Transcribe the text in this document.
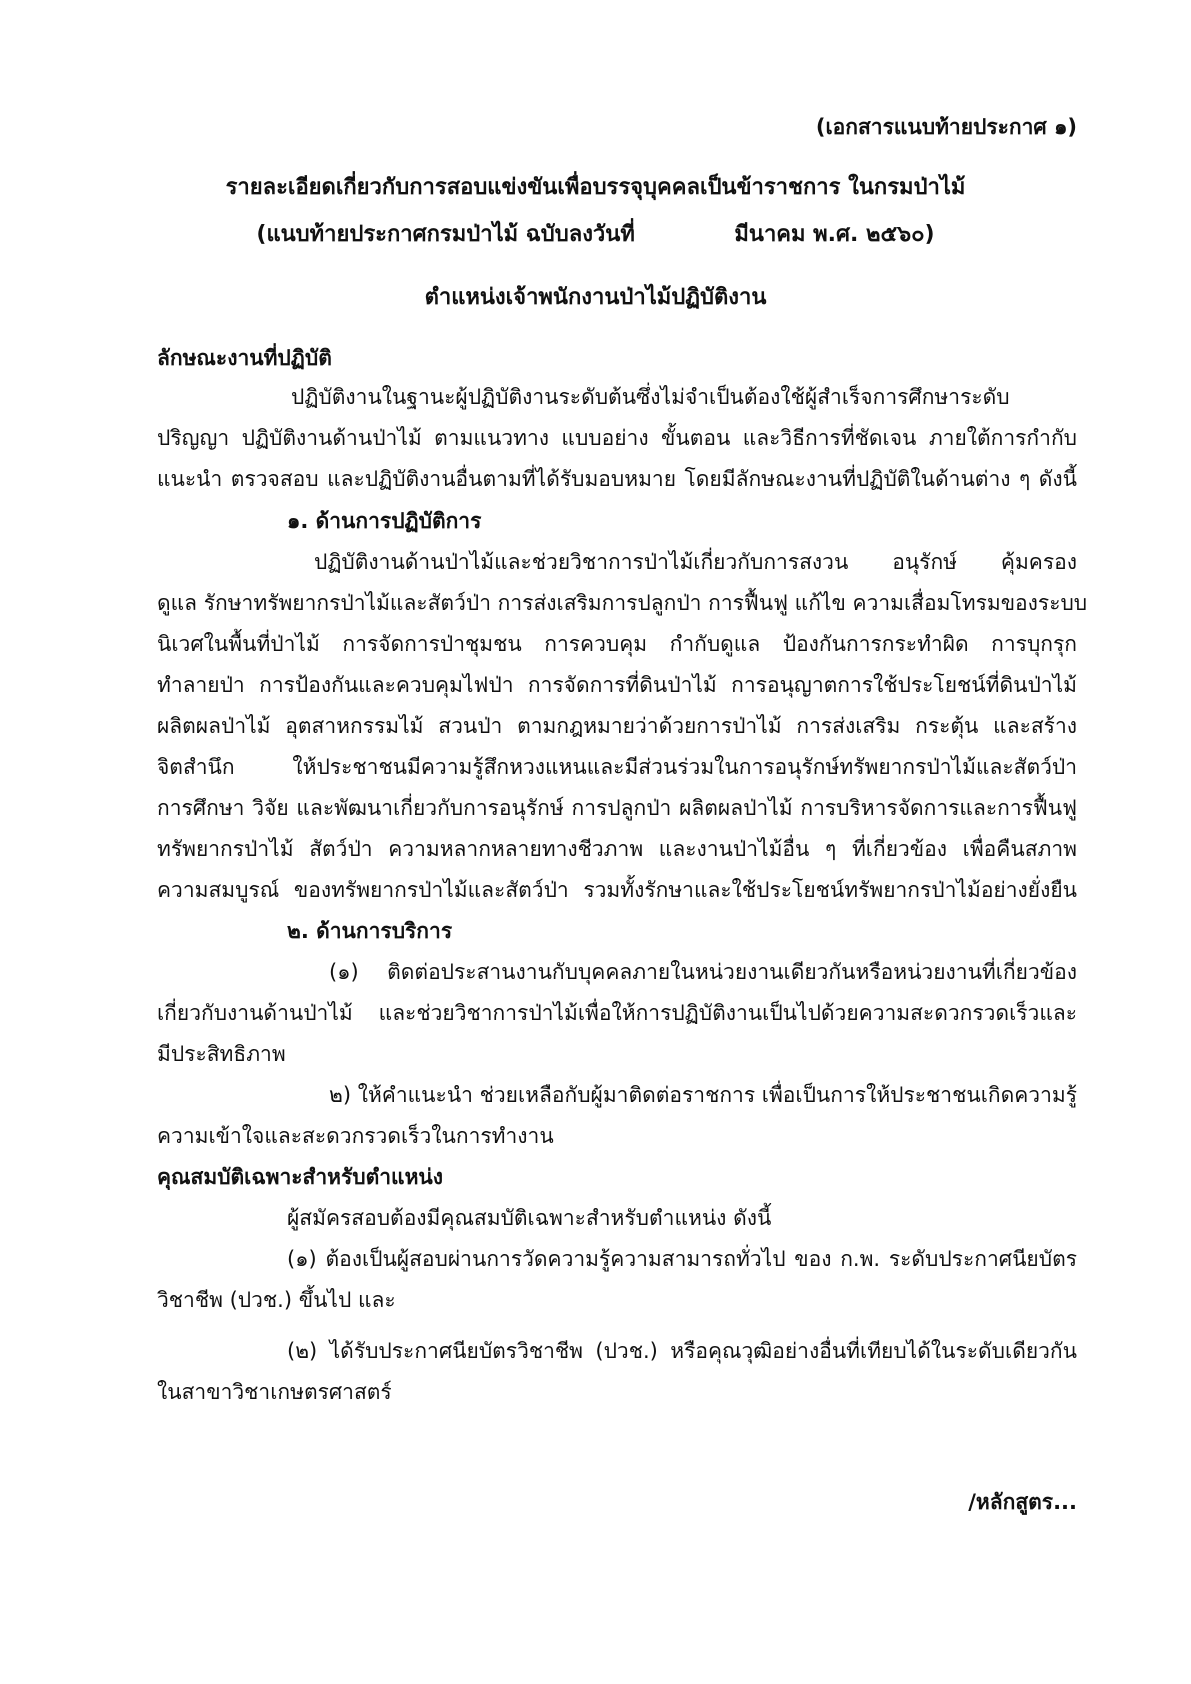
(เอกสารแนบท้ายประกาศ ๑)
รายละเอียดเกี่ยวกับการสอบแข่งขันเพื่อบรรจุบุคคลเป็นข้าราชการ ในกรมป่าไม้
(แนบท้ายประกาศกรมป่าไม้ ฉบับลงวันที่             มีนาคม พ.ศ. ๒๕๖๐)
ตำแหน่งเจ้าพนักงานป่าไม้ปฏิบัติงาน
ลักษณะงานที่ปฏิบัติ
ปฏิบัติงานในฐานะผู้ปฏิบัติงานระดับต้นซึ่งไม่จำเป็นต้องใช้ผู้สำเร็จการศึกษาระดับ
ปริญญา ปฏิบัติงานด้านป่าไม้ ตามแนวทาง แบบอย่าง ขั้นตอน และวิธีการที่ชัดเจน ภายใต้การกำกับ
แนะนำ ตรวจสอบ และปฏิบัติงานอื่นตามที่ได้รับมอบหมาย โดยมีลักษณะงานที่ปฏิบัติในด้านต่าง ๆ ดังนี้
๑. ด้านการปฏิบัติการ
ปฏิบัติงานด้านป่าไม้และช่วยวิชาการป่าไม้เกี่ยวกับการสงวน อนุรักษ์ คุ้มครอง
ดูแล รักษาทรัพยากรป่าไม้และสัตว์ป่า การส่งเสริมการปลูกป่า การฟื้นฟู แก้ไข ความเสื่อมโทรมของระบบ
นิเวศในพื้นที่ป่าไม้ การจัดการป่าชุมชน การควบคุม กำกับดูแล ป้องกันการกระทำผิด การบุกรุก
ทำลายป่า การป้องกันและควบคุมไฟป่า การจัดการที่ดินป่าไม้ การอนุญาตการใช้ประโยชน์ที่ดินป่าไม้
ผลิตผลป่าไม้ อุตสาหกรรมไม้ สวนป่า ตามกฎหมายว่าด้วยการป่าไม้ การส่งเสริม กระตุ้น และสร้าง
จิตสำนึก   ให้ประชาชนมีความรู้สึกหวงแหนและมีส่วนร่วมในการอนุรักษ์ทรัพยากรป่าไม้และสัตว์ป่า
การศึกษา วิจัย และพัฒนาเกี่ยวกับการอนุรักษ์ การปลูกป่า ผลิตผลป่าไม้ การบริหารจัดการและการฟื้นฟู
ทรัพยากรป่าไม้ สัตว์ป่า ความหลากหลายทางชีวภาพ และงานป่าไม้อื่น ๆ ที่เกี่ยวข้อง เพื่อคืนสภาพ
ความสมบูรณ์ ของทรัพยากรป่าไม้และสัตว์ป่า รวมทั้งรักษาและใช้ประโยชน์ทรัพยากรป่าไม้อย่างยั่งยืน
๒. ด้านการบริการ
(๑) ติดต่อประสานงานกับบุคคลภายในหน่วยงานเดียวกันหรือหน่วยงานที่เกี่ยวข้อง
เกี่ยวกับงานด้านป่าไม้ และช่วยวิชาการป่าไม้เพื่อให้การปฏิบัติงานเป็นไปด้วยความสะดวกรวดเร็วและ
มีประสิทธิภาพ
๒) ให้คำแนะนำ ช่วยเหลือกับผู้มาติดต่อราชการ เพื่อเป็นการให้ประชาชนเกิดความรู้
ความเข้าใจและสะดวกรวดเร็วในการทำงาน
คุณสมบัติเฉพาะสำหรับตำแหน่ง
ผู้สมัครสอบต้องมีคุณสมบัติเฉพาะสำหรับตำแหน่ง ดังนี้
(๑) ต้องเป็นผู้สอบผ่านการวัดความรู้ความสามารถทั่วไป ของ ก.พ. ระดับประกาศนียบัตร
วิชาชีพ (ปวช.) ขึ้นไป และ
(๒) ได้รับประกาศนียบัตรวิชาชีพ (ปวช.) หรือคุณวุฒิอย่างอื่นที่เทียบได้ในระดับเดียวกัน
ในสาขาวิชาเกษตรศาสตร์
/หลักสูตร...
